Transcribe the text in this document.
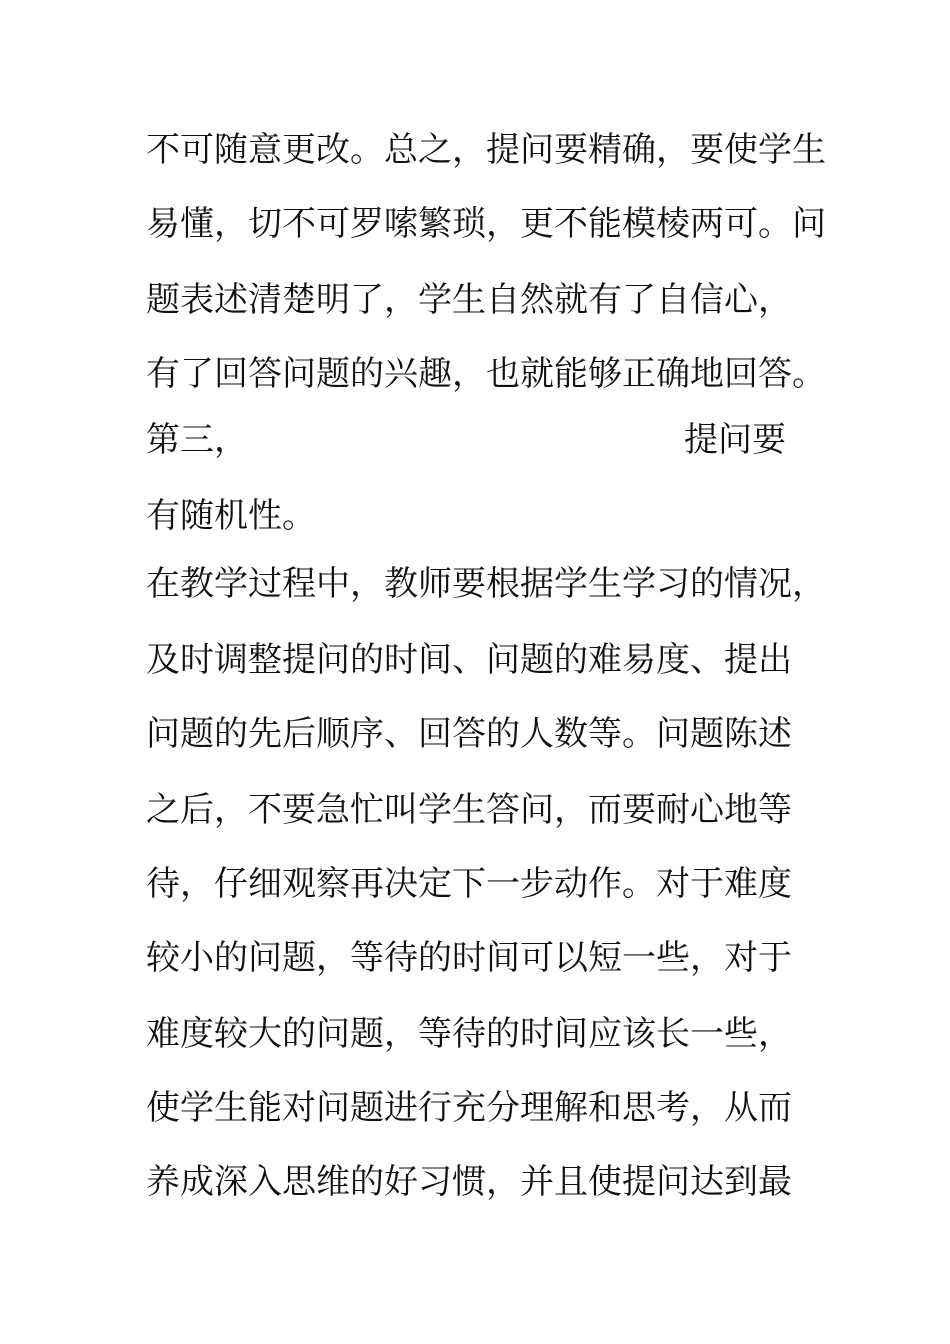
不可随意更改。总之，提问要精确，要使学生
易懂，切不可罗嗦繁琐，更不能模棱两可。问
题表述清楚明了，学生自然就有了自信心，
有了回答问题的兴趣，也就能够正确地回答。
第三，	提问要
有随机性。
在教学过程中，教师要根据学生学习的情况，
及时调整提问的时间、问题的难易度、提出
问题的先后顺序、回答的人数等。问题陈述
之后，不要急忙叫学生答问，而要耐心地等
待，仔细观察再决定下一步动作。对于难度
较小的问题，等待的时间可以短一些，对于
难度较大的问题，等待的时间应该长一些，
使学生能对问题进行充分理解和思考，从而
养成深入思维的好习惯，并且使提问达到最
